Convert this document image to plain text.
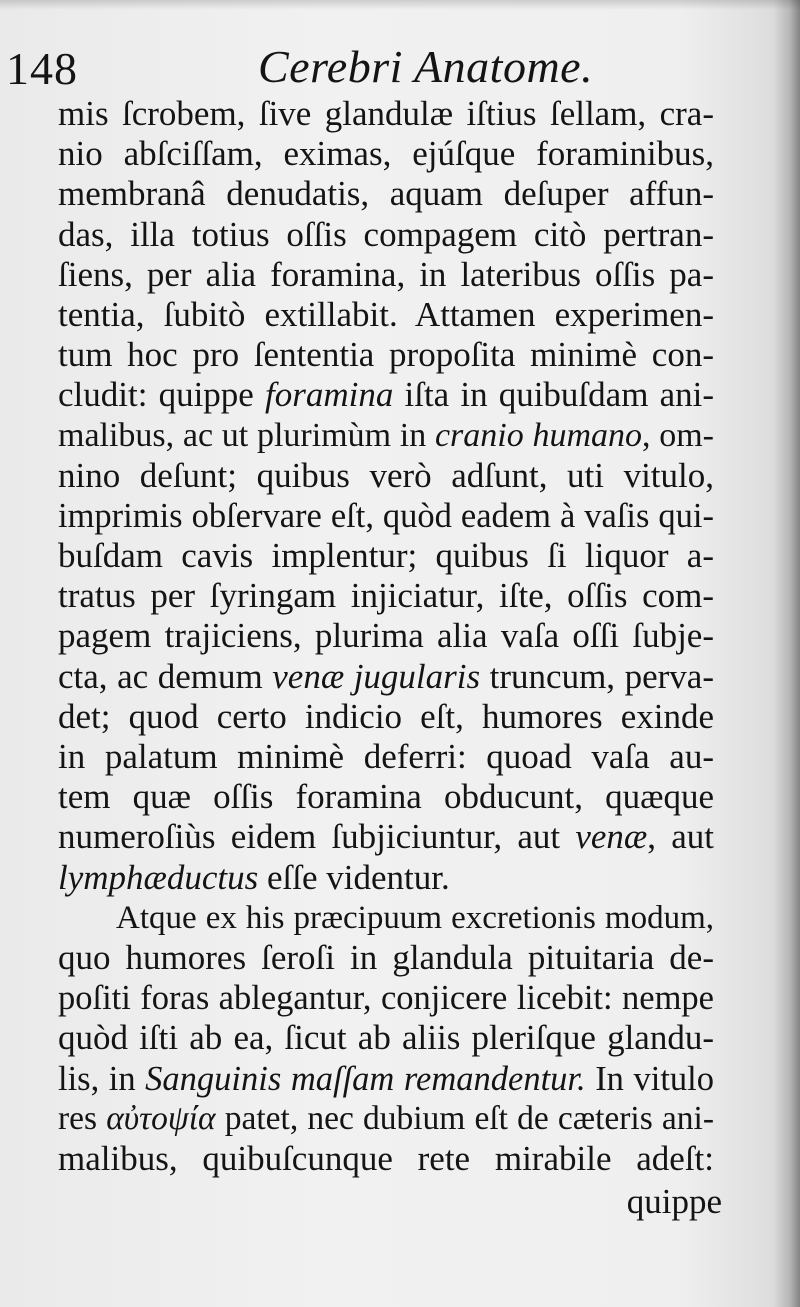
148	Cerebri Anatome.
mis ſcrobem, ſive glandulæ iſtius ſellam, cra-
nio abſciſſam, eximas, ejúſque foraminibus,
membranâ denudatis, aquam deſuper affun-
das, illa totius oſſis compagem citò pertran-
ſiens, per alia foramina, in lateribus oſſis pa-
tentia, ſubitò extillabit. Attamen experimen-
tum hoc pro ſententia propoſita minimè con-
cludit: quippe foramina iſta in quibuſdam ani-
malibus, ac ut plurimùm in cranio humano, om-
nino deſunt; quibus verò adſunt, uti vitulo,
imprimis obſervare eſt, quòd eadem à vaſis qui-
buſdam cavis implentur; quibus ſi liquor a-
tratus per ſyringam injiciatur, iſte, oſſis com-
pagem trajiciens, plurima alia vaſa oſſi ſubje-
cta, ac demum venæ jugularis truncum, perva-
det; quod certo indicio eſt, humores exinde
in palatum minimè deferri: quoad vaſa au-
tem quæ oſſis foramina obducunt, quæque
numeroſiùs eidem ſubjiciuntur, aut venæ, aut
lymphæductus eſſe videntur.
Atque ex his præcipuum excretionis modum,
quo humores ſeroſi in glandula pituitaria de-
poſiti foras ablegantur, conjicere licebit: nempe
quòd iſti ab ea, ſicut ab aliis pleriſque glandu-
lis, in Sanguinis maſſam remandentur. In vitulo
res αὐτοψία patet, nec dubium eſt de cæteris ani-
malibus, quibuſcunque rete mirabile adeſt:
quippe
